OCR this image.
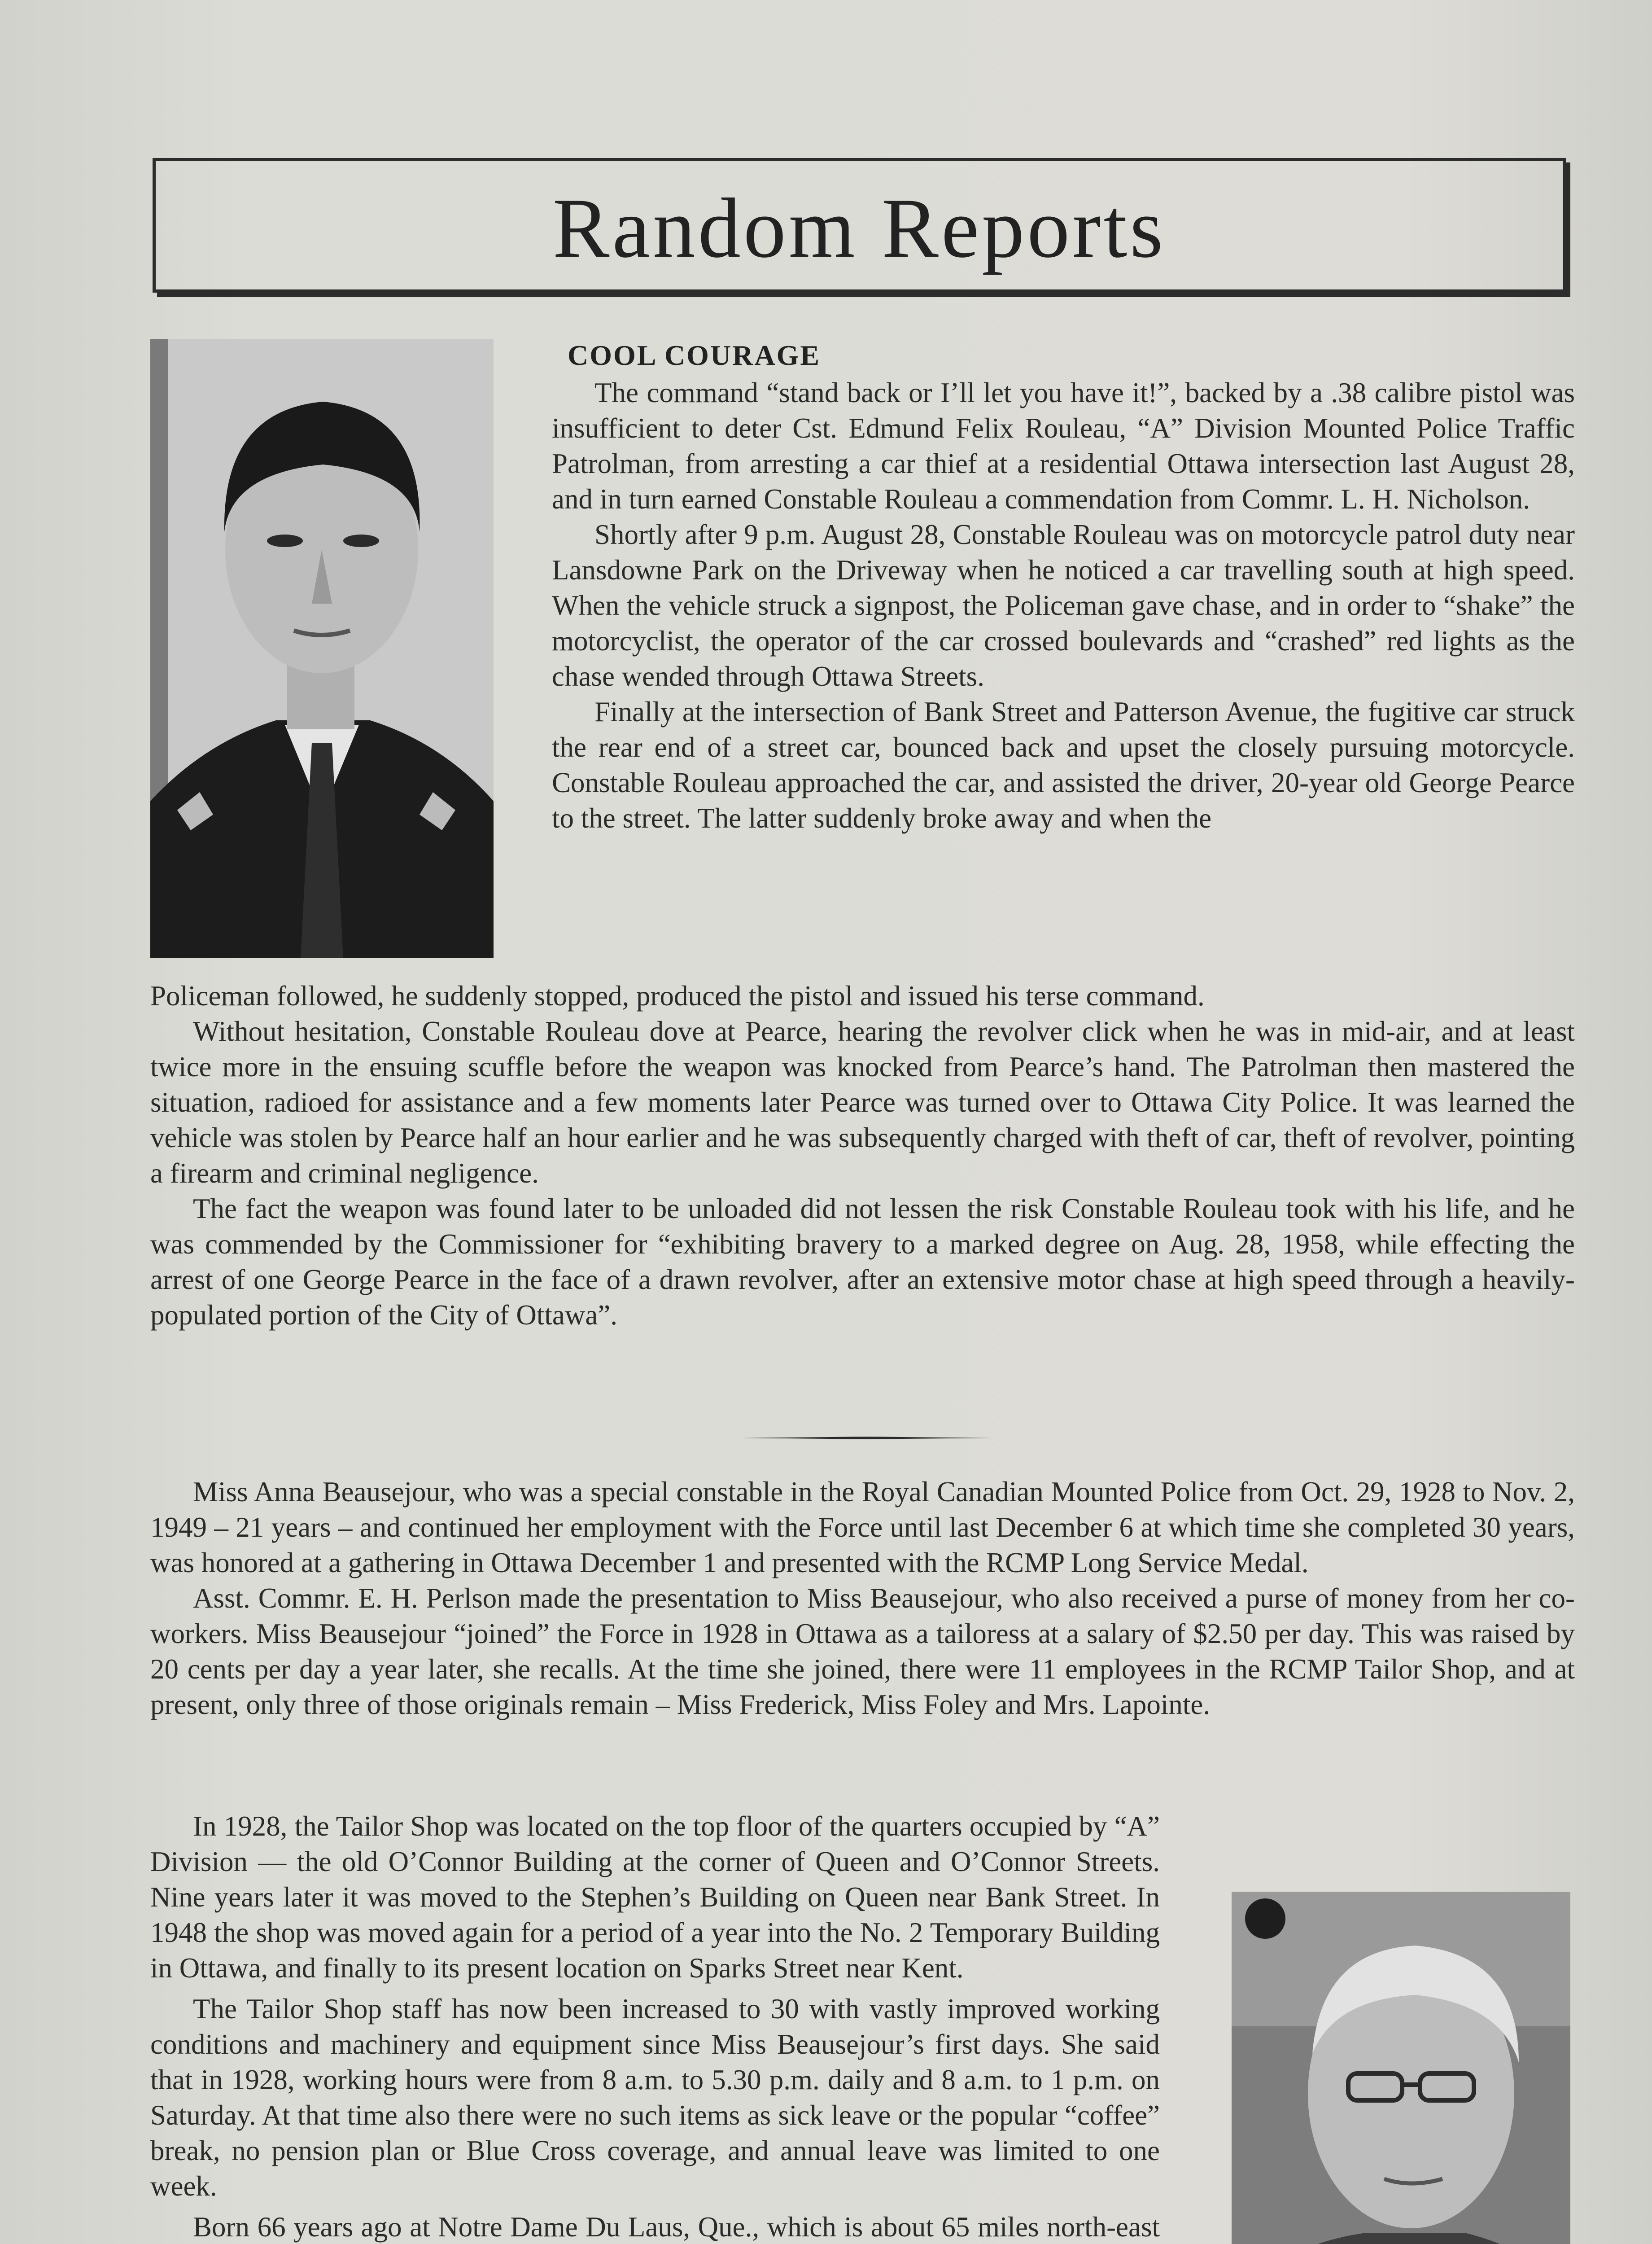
Random Reports
COOL COURAGE

The command “stand back or I’ll let you have it!”, backed by a .38 calibre pistol was insufficient to deter Cst. Edmund Felix Rouleau, “A” Division Mounted Police Traffic Patrolman, from arresting a car thief at a residential Ottawa intersection last August 28, and in turn earned Constable Rouleau a commendation from Commr. L. H. Nicholson.

Shortly after 9 p.m. August 28, Constable Rouleau was on motorcycle patrol duty near Lansdowne Park on the Driveway when he noticed a car travelling south at high speed. When the vehicle struck a signpost, the Policeman gave chase, and in order to “shake” the motorcyclist, the operator of the car crossed boulevards and “crashed” red lights as the chase wended through Ottawa Streets.

Finally at the intersection of Bank Street and Patterson Avenue, the fugitive car struck the rear end of a street car, bounced back and upset the closely pursuing motorcycle. Constable Rouleau approached the car, and assisted the driver, 20-year old George Pearce to the street. The latter suddenly broke away and when the

Policeman followed, he suddenly stopped, produced the pistol and issued his terse command.

Without hesitation, Constable Rouleau dove at Pearce, hearing the revolver click when he was in mid-air, and at least twice more in the ensuing scuffle before the weapon was knocked from Pearce’s hand. The Patrolman then mastered the situation, radioed for assistance and a few moments later Pearce was turned over to Ottawa City Police. It was learned the vehicle was stolen by Pearce half an hour earlier and he was subsequently charged with theft of car, theft of revolver, pointing a firearm and criminal negligence.

The fact the weapon was found later to be unloaded did not lessen the risk Constable Rouleau took with his life, and he was commended by the Commissioner for “exhibiting bravery to a marked degree on Aug. 28, 1958, while effecting the arrest of one George Pearce in the face of a drawn revolver, after an extensive motor chase at high speed through a heavily-populated portion of the City of Ottawa”.

Miss Anna Beausejour, who was a special constable in the Royal Canadian Mounted Police from Oct. 29, 1928 to Nov. 2, 1949 – 21 years – and continued her employment with the Force until last December 6 at which time she completed 30 years, was honored at a gathering in Ottawa December 1 and presented with the RCMP Long Service Medal.

Asst. Commr. E. H. Perlson made the presentation to Miss Beausejour, who also received a purse of money from her co-workers. Miss Beausejour “joined” the Force in 1928 in Ottawa as a tailoress at a salary of $2.50 per day. This was raised by 20 cents per day a year later, she recalls. At the time she joined, there were 11 employees in the RCMP Tailor Shop, and at present, only three of those originals remain – Miss Frederick, Miss Foley and Mrs. Lapointe.

In 1928, the Tailor Shop was located on the top floor of the quarters occupied by “A” Division — the old O’Connor Building at the corner of Queen and O’Connor Streets. Nine years later it was moved to the Stephen’s Building on Queen near Bank Street. In 1948 the shop was moved again for a period of a year into the No. 2 Temporary Building in Ottawa, and finally to its present location on Sparks Street near Kent.

The Tailor Shop staff has now been increased to 30 with vastly improved working conditions and machinery and equipment since Miss Beausejour’s first days. She said that in 1928, working hours were from 8 a.m. to 5.30 p.m. daily and 8 a.m. to 1 p.m. on Saturday. At that time also there were no such items as sick leave or the popular “coffee” break, no pension plan or Blue Cross coverage, and annual leave was limited to one week.

Born 66 years ago at Notre Dame Du Laus, Que., which is about 65 miles north-east
